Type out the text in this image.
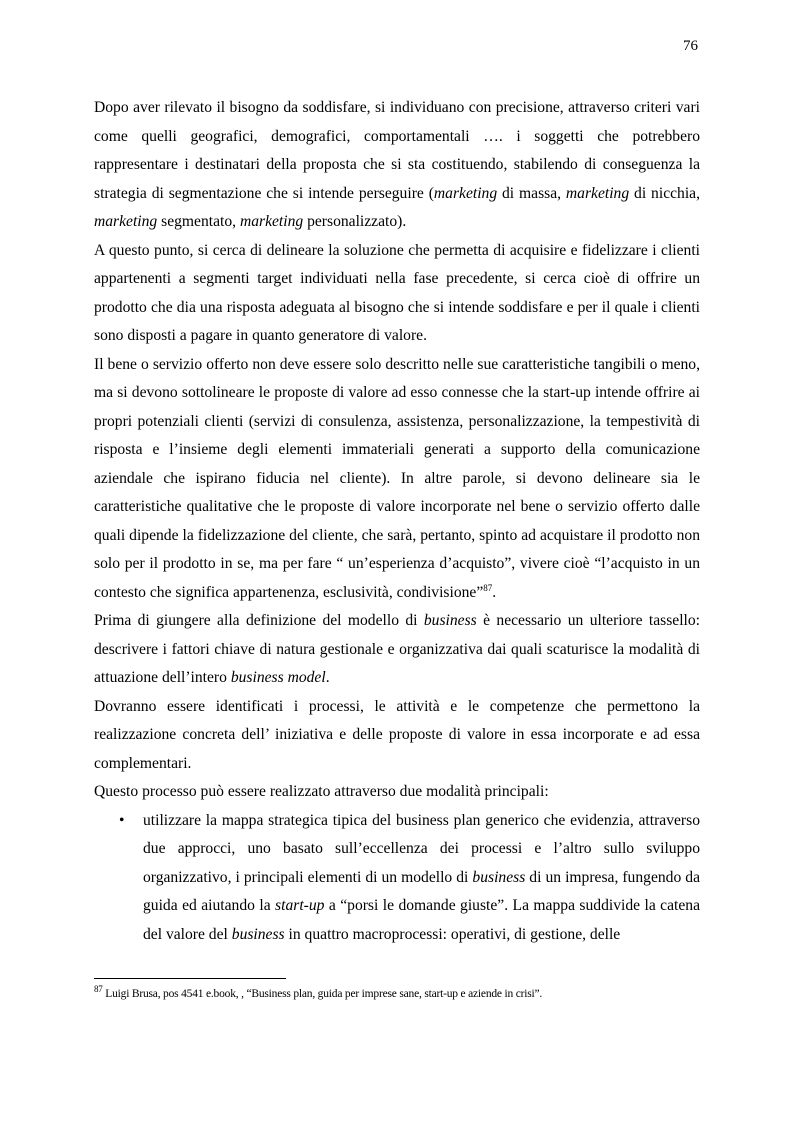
76

Dopo aver rilevato il bisogno da soddisfare, si individuano con precisione, attraverso criteri vari come quelli geografici, demografici, comportamentali …. i soggetti che potrebbero rappresentare i destinatari della proposta che si sta costituendo, stabilendo di conseguenza la strategia di segmentazione che si intende perseguire (marketing di massa, marketing di nicchia, marketing segmentato, marketing personalizzato).

A questo punto, si cerca di delineare la soluzione che permetta di acquisire e fidelizzare i clienti appartenenti a segmenti target individuati nella fase precedente, si cerca cioè di offrire un prodotto che dia una risposta adeguata al bisogno che si intende soddisfare e per il quale i clienti sono disposti a pagare in quanto generatore di valore.

Il bene o servizio offerto non deve essere solo descritto nelle sue caratteristiche tangibili o meno, ma si devono sottolineare le proposte di valore ad esso connesse che la start-up intende offrire ai propri potenziali clienti (servizi di consulenza, assistenza, personalizzazione, la tempestività di risposta e l’insieme degli elementi immateriali generati a supporto della comunicazione aziendale che ispirano fiducia nel cliente). In altre parole, si devono delineare sia le caratteristiche qualitative che le proposte di valore incorporate nel bene o servizio offerto dalle quali dipende la fidelizzazione del cliente, che sarà, pertanto, spinto ad acquistare il prodotto non solo per il prodotto in se, ma per fare “ un’esperienza d’acquisto”, vivere cioè “l’acquisto in un contesto che significa appartenenza, esclusività, condivisione”$^{87}$.

Prima di giungere alla definizione del modello di business è necessario un ulteriore tassello: descrivere i fattori chiave di natura gestionale e organizzativa dai quali scaturisce la modalità di attuazione dell’intero business model.

Dovranno essere identificati i processi, le attività e le competenze che permettono la realizzazione concreta dell’ iniziativa e delle proposte di valore in essa incorporate e ad essa complementari.

Questo processo può essere realizzato attraverso due modalità principali:

• utilizzare la mappa strategica tipica del business plan generico che evidenzia, attraverso due approcci, uno basato sull’eccellenza dei processi e l’altro sullo sviluppo organizzativo, i principali elementi di un modello di business di un impresa, fungendo da guida ed aiutando la start-up a “porsi le domande giuste”. La mappa suddivide la catena del valore del business in quattro macroprocessi: operativi, di gestione, delle
$^{87}$ Luigi Brusa, pos 4541 e.book, , “Business plan, guida per imprese sane, start-up e aziende in crisi”.
